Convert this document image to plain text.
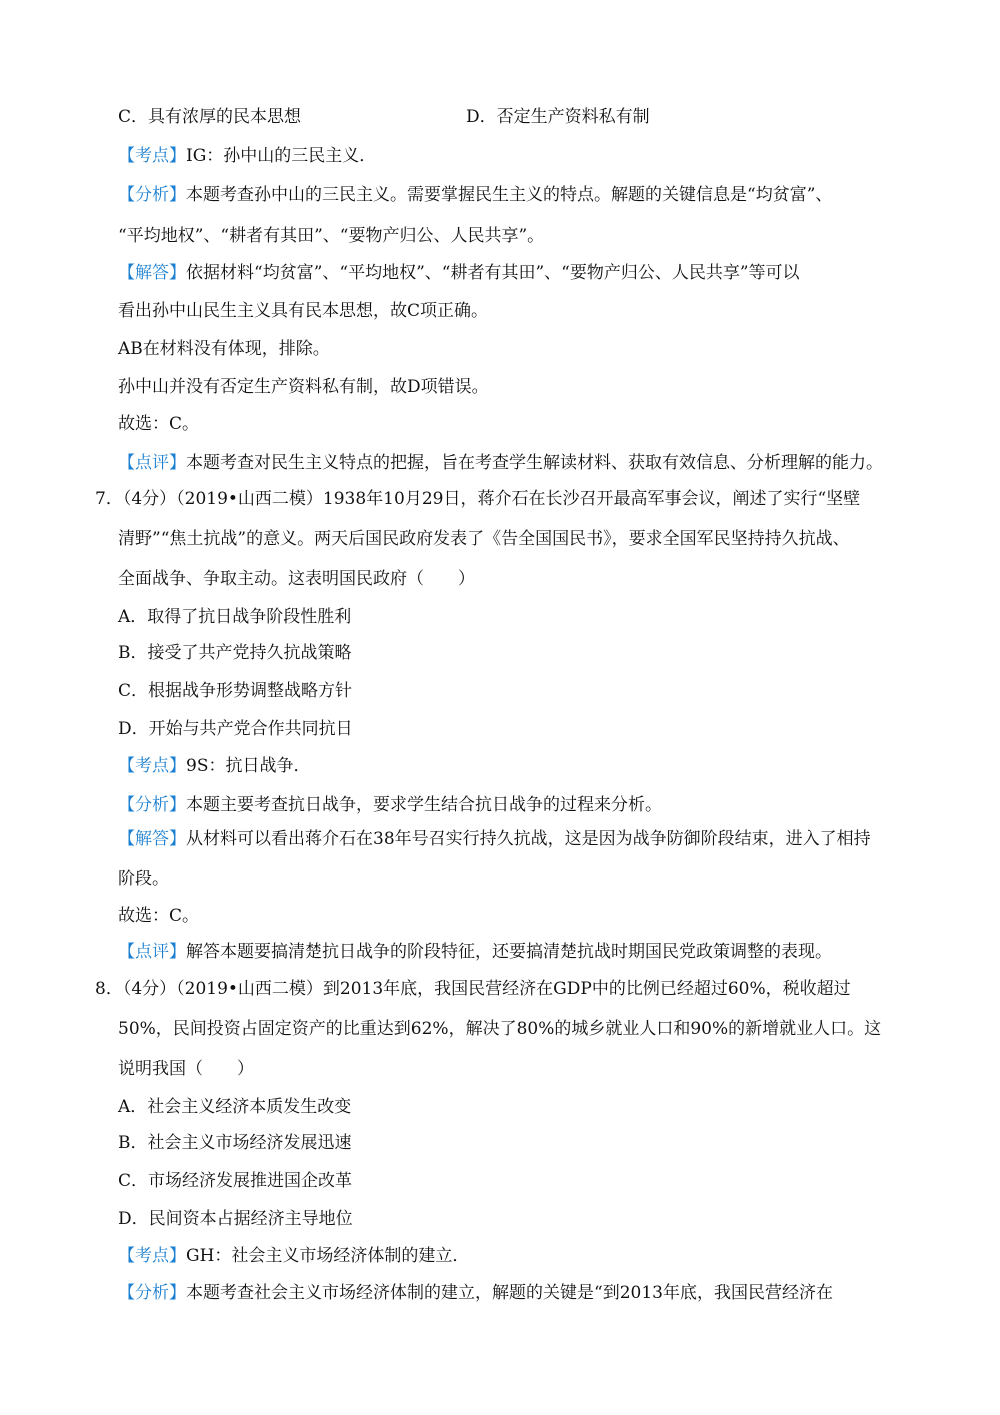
C．具有浓厚的民本思想	D．否定生产资料私有制
【考点】IG：孙中山的三民主义．
【分析】本题考查孙中山的三民主义。需要掌握民生主义的特点。解题的关键信息是“均贫富”、
“平均地权”、“耕者有其田”、“要物产归公、人民共享”。
【解答】依据材料“均贫富”、“平均地权”、“耕者有其田”、“要物产归公、人民共享”等可以
看出孙中山民生主义具有民本思想，故C项正确。
AB在材料没有体现，排除。
孙中山并没有否定生产资料私有制，故D项错误。
故选：C。
【点评】本题考查对民生主义特点的把握，旨在考查学生解读材料、获取有效信息、分析理解的能力。
7．（4分）（2019•山西二模）1938年10月29日，蒋介石在长沙召开最高军事会议，阐述了实行“坚壁
清野”“焦土抗战”的意义。两天后国民政府发表了《告全国国民书》，要求全国军民坚持持久抗战、
全面战争、争取主动。这表明国民政府（　　）
A．取得了抗日战争阶段性胜利
B．接受了共产党持久抗战策略
C．根据战争形势调整战略方针
D．开始与共产党合作共同抗日
【考点】9S：抗日战争．
【分析】本题主要考查抗日战争，要求学生结合抗日战争的过程来分析。
【解答】从材料可以看出蒋介石在38年号召实行持久抗战，这是因为战争防御阶段结束，进入了相持
阶段。
故选：C。
【点评】解答本题要搞清楚抗日战争的阶段特征，还要搞清楚抗战时期国民党政策调整的表现。
8．（4分）（2019•山西二模）到2013年底，我国民营经济在GDP中的比例已经超过60%，税收超过
50%，民间投资占固定资产的比重达到62%，解决了80%的城乡就业人口和90%的新增就业人口。这
说明我国（　　）
A．社会主义经济本质发生改变
B．社会主义市场经济发展迅速
C．市场经济发展推进国企改革
D．民间资本占据经济主导地位
【考点】GH：社会主义市场经济体制的建立．
【分析】本题考查社会主义市场经济体制的建立，解题的关键是“到2013年底，我国民营经济在
